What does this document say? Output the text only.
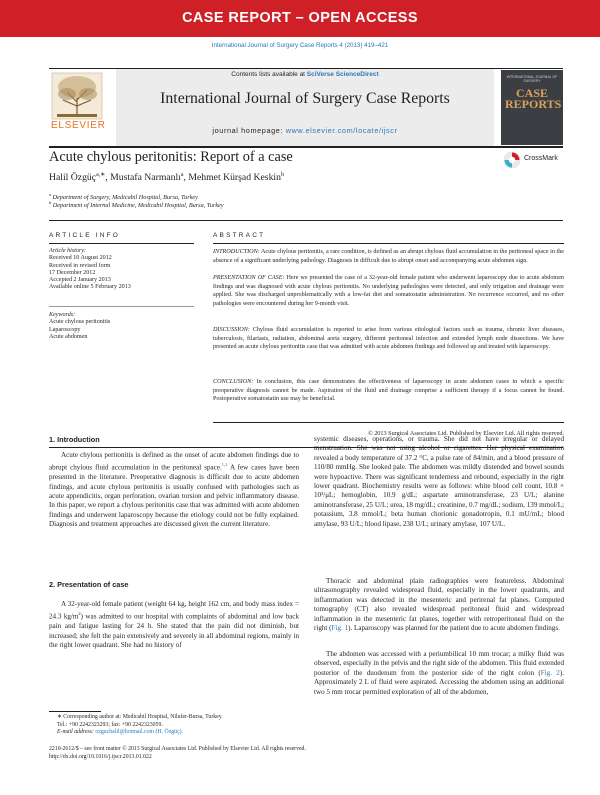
CASE REPORT – OPEN ACCESS
International Journal of Surgery Case Reports 4 (2013) 419–421
ELSEVIER
Contents lists available at SciVerse ScienceDirect
International Journal of Surgery Case Reports
journal homepage: www.elsevier.com/locate/ijscr
INTERNATIONAL JOURNAL OF SURGERY
CASE REPORTS
Acute chylous peritonitis: Report of a case	CrossMark
Halil Özgüç$^{a,∗}$, Mustafa Narmanlı$^a$, Mehmet Kürşad Keskin$^b$
$^a$ Department of Surgery, Medicabil Hospital, Bursa, Turkey
$^b$ Department of Internal Medicine, Medicabil Hospital, Bursa, Turkey
ARTICLE INFO	ABSTRACT
Article history:
Received 10 August 2012
Received in revised form
17 December 2012
Accepted 2 January 2013
Available online 5 February 2013
Keywords:
Acute chylous peritonitis
Laparoscopy
Acute abdomen
INTRODUCTION: Acute chylous peritonitis, a rare condition, is defined as an abrupt chylous fluid accumulation in the peritoneal space in the absence of a significant underlying pathology. Diagnosis in difficult due to abrupt onset and accompanying acute abdomen sign.
PRESENTATION OF CASE: Here we presented the case of a 32-year-old female patient who underwent laparoscopy due to acute abdomen findings and was diagnosed with acute chylous peritonitis. No underlying pathologies were detected, and only irrigation and drainage were applied. She was discharged unproblematically with a low-fat diet and somatostatin administration. No recurrence occurred, and no other pathologies were encountered during her 9-month visit.
DISCUSSION: Chylous fluid accumulation is reported to arise from various etiological factors such as trauma, chronic liver diseases, tuberculosis, filariasis, radiation, abdominal aorta surgery, different peritoneal infection and extended lymph node dissections. We have presented an acute chylous peritonitis case that was admitted with acute abdomen findings and followed up and treated with laparoscopy.
CONCLUSION: In conclusion, this case demonstrates the effectiveness of laparoscopy in acute abdomen cases in which a specific preoperative diagnosis cannot be made. Aspiration of the fluid and drainage comprise a sufficient therapy if a focus cannot be found. Postoperative somatostatin use may be beneficial.
© 2013 Surgical Associates Ltd. Published by Elsevier Ltd. All rights reserved.
1. Introduction
Acute chylous peritonitis is defined as the onset of acute abdomen findings due to abrupt chylous fluid accumulation in the peritoneal space.$^{1,2}$ A few cases have been presented in the literature. Preoperative diagnosis is difficult due to acute abdomen findings, and acute chylous peritonitis is usually confused with pathologies such as acute appendicitis, organ perforation, ovarian torsion and pelvic inflammatory disease. In this paper, we report a chylous peritonitis case that was admitted with acute abdomen findings and underwent laparoscopy because the etiology could not be fully explained. Diagnosis and treatment approaches are discussed given the current literature.
2. Presentation of case
A 32-year-old female patient (weight 64 kg, height 162 cm, and body mass index = 24.3 $kg/m^2$) was admitted to our hospital with complaints of abdominal and low back pain and fatigue lasting for 24 h. She stated that the pain did not diminish, but increased; she felt the pain extensively and severely in all abdominal regions, mainly in the right lower quadrant. She had no history of
systemic diseases, operations, or trauma. She did not have irregular or delayed menstruation. She was not using alcohol or cigarettes. Her physical examination revealed a body temperature of 37.2 °C, a pulse rate of 84/min, and a blood pressure of 110/80 mmHg. She looked pale. The abdomen was mildly distended and bowel sounds were hypoactive. There was significant tenderness and rebound, especially in the right lower quadrant. Biochemistry results were as follows: white blood cell count, 10.8 × 10³/μL; hemoglobin, 10.9 g/dL; aspartate aminotransferase, 23 U/L; alanine aminotransferase, 25 U/L; urea, 18 mg/dL; creatinine, 0.7 mg/dL; sodium, 139 mmol/L; potassium, 3.8 mmol/L; beta human chorionic gonadotropin, 0.1 mU/mL; blood amylase, 93 U/L; blood lipase, 238 U/L; urinary amylase, 107 U/L.
Thoracic and abdominal plain radiographies were featureless. Abdominal ultrasonography revealed widespread fluid, especially in the lower quadrants, and inflammation was detected in the mesenteric and perirenal fat planes. Computed tomography (CT) also revealed widespread peritoneal fluid and widespread inflammation in the mesenteric fat planes, together with retroperitoneal fluid on the right (Fig. 1). Laparoscopy was planned for the patient due to acute abdomen findings.
The abdomen was accessed with a periumbilical 10 mm trocar; a milky fluid was observed, especially in the pelvis and the right side of the abdomen. This fluid extended posterior of the duodenum from the posterior side of the right colon (Fig. 2). Approximately 2 L of fluid were aspirated. Accessing the abdomen using an additional two 5 mm trocar permitted exploration of all of the abdomen,
∗ Corresponding author at: Medicabil Hospital, Nilufer-Bursa, Turkey.
Tel.: +90 2242323293; fax: +90 2242323059.
E-mail address: ozguchalil@hotmail.com (H. Özgüç).
2210-2612/$ – see front matter © 2013 Surgical Associates Ltd. Published by Elsevier Ltd. All rights reserved.
http://dx.doi.org/10.1016/j.ijscr.2013.01.022
